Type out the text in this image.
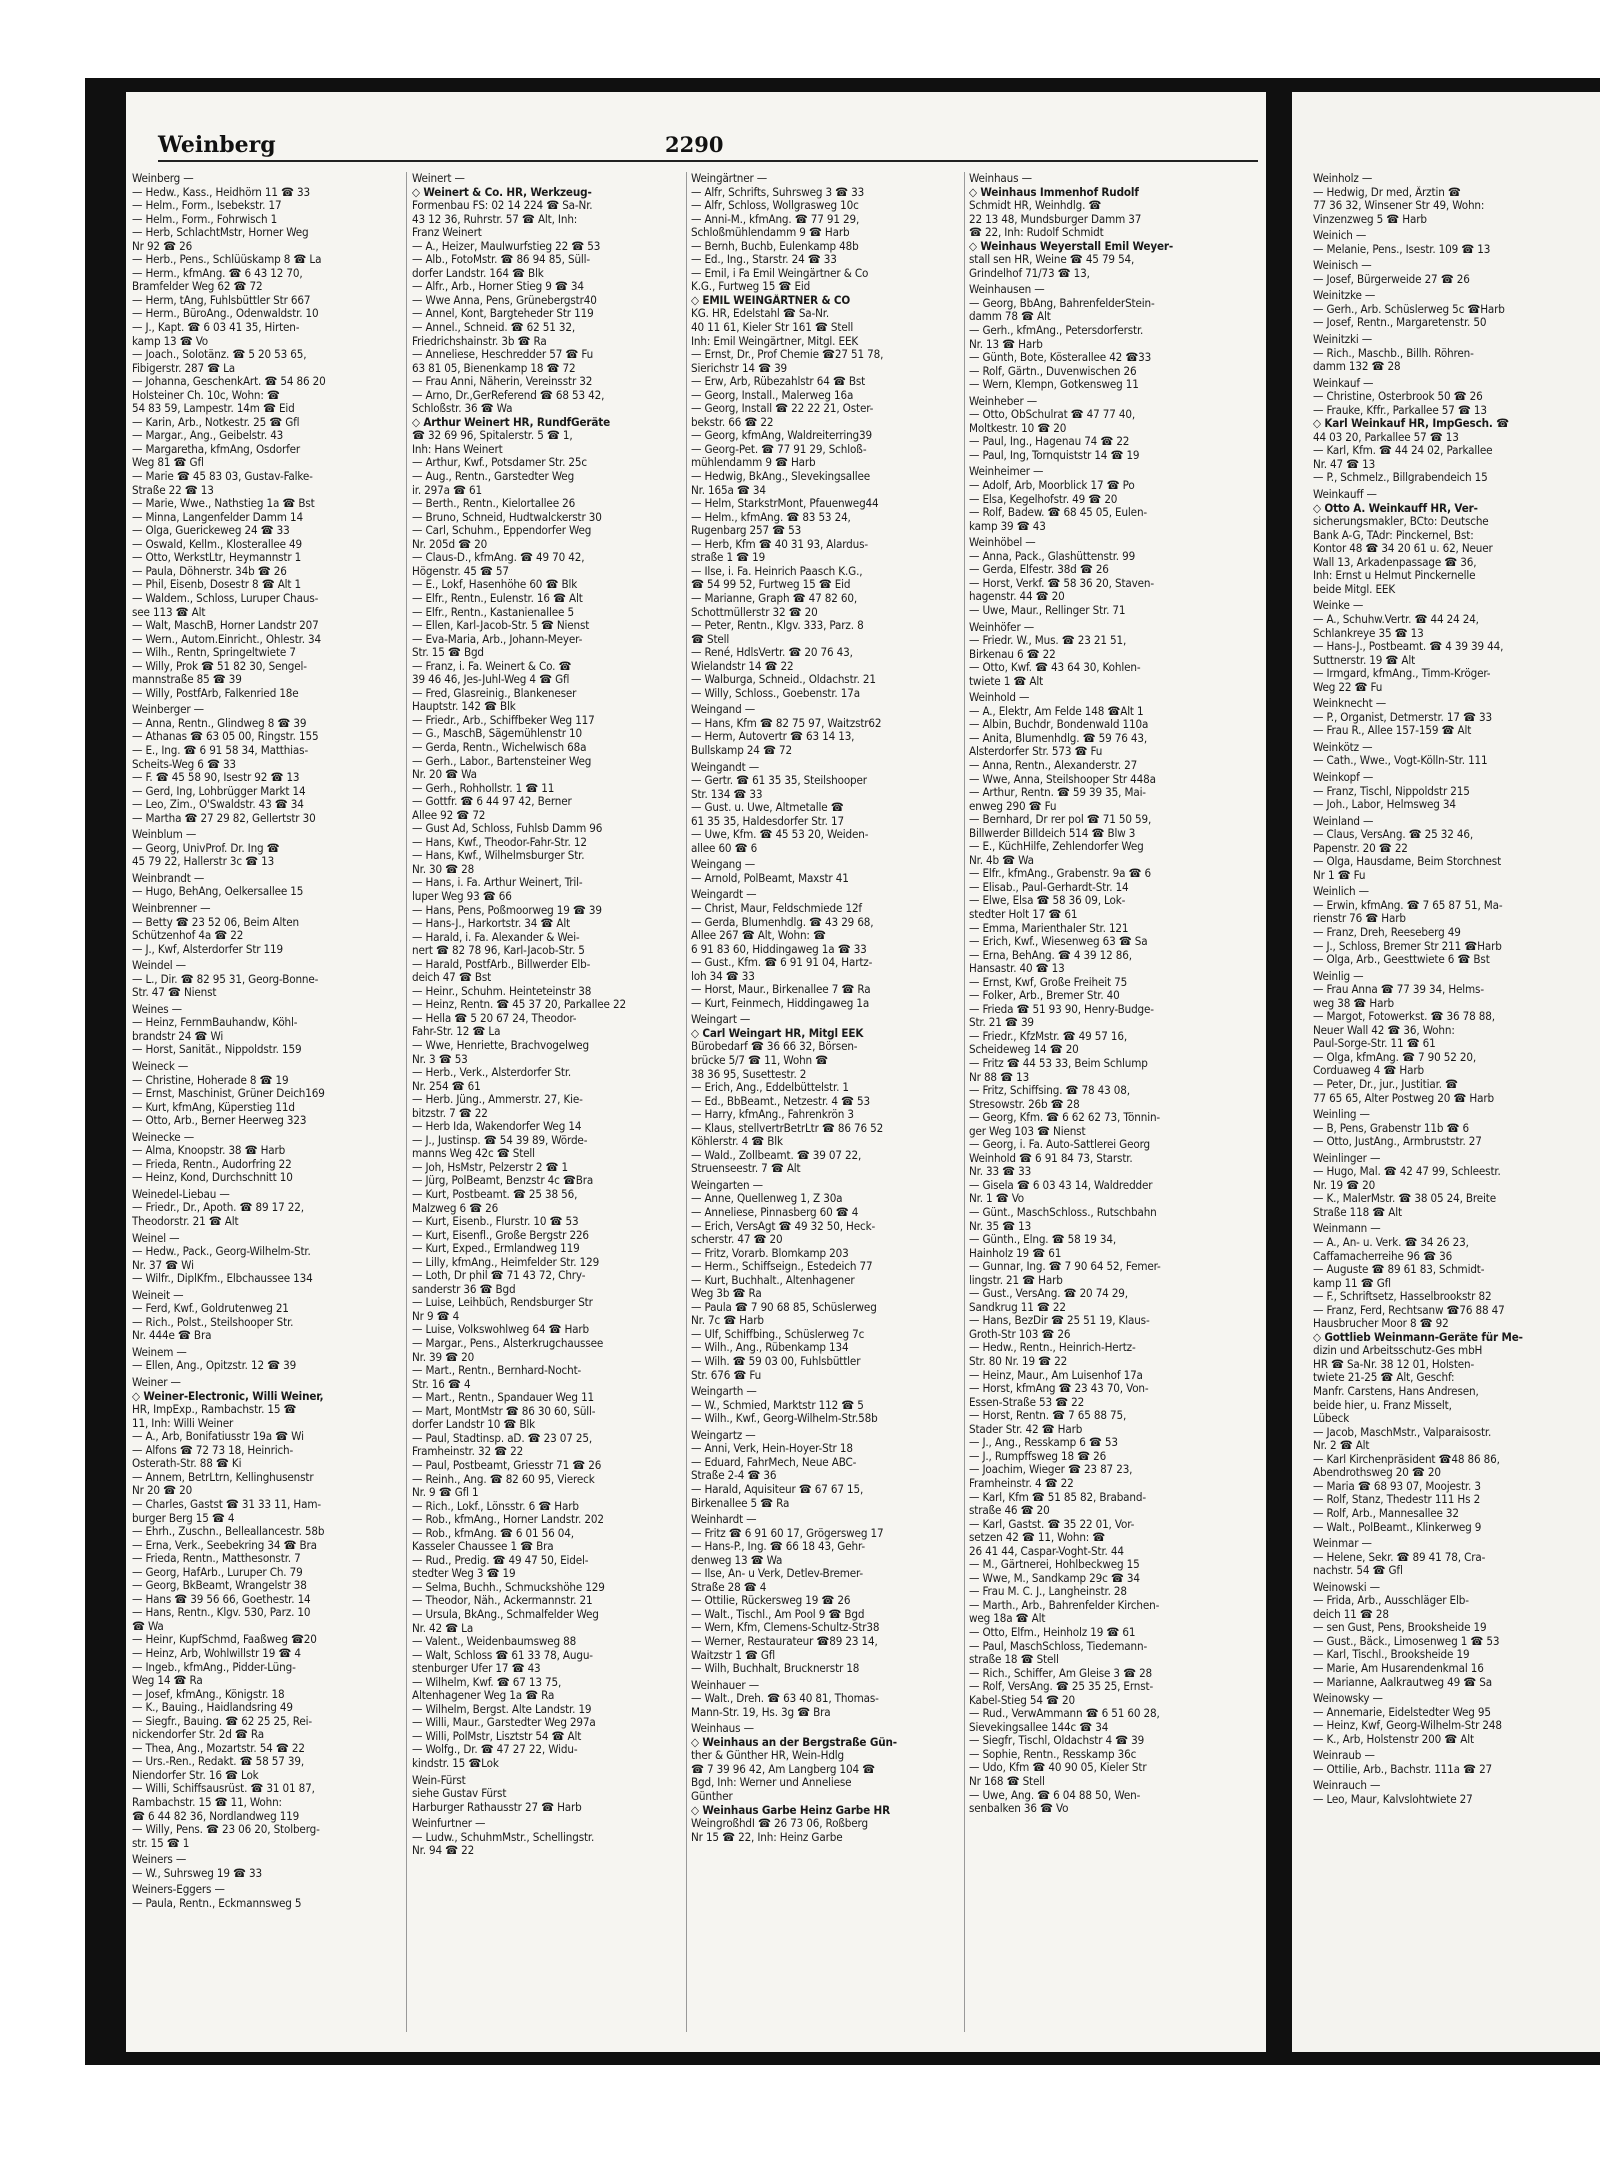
Weinberg	2290
Weinberg —
— Hedw., Kass., Heidhörn 11 ☎ 33
— Helm., Form., Isebekstr. 17
— Helm., Form., Fohrwisch 1
— Herb, SchlachtMstr, Horner Weg
Nr 92 ☎ 26
— Herb., Pens., Schlüüskamp 8 ☎ La
— Herm., kfmAng. ☎ 6 43 12 70,
Bramfelder Weg 62 ☎ 72
— Herm, tAng, Fuhlsbüttler Str 667
— Herm., BüroAng., Odenwaldstr. 10
— J., Kapt. ☎ 6 03 41 35, Hirten-
kamp 13 ☎ Vo
— Joach., Solotänz. ☎ 5 20 53 65,
Fibigerstr. 287 ☎ La
— Johanna, GeschenkArt. ☎ 54 86 20
Holsteiner Ch. 10c, Wohn: ☎
54 83 59, Lampestr. 14m ☎ Eid
— Karin, Arb., Notkestr. 25 ☎ Gfl
— Margar., Ang., Geibelstr. 43
— Margaretha, kfmAng, Osdorfer
Weg 81 ☎ Gfl
— Marie ☎ 45 83 03, Gustav-Falke-
Straße 22 ☎ 13
— Marie, Wwe., Nathstieg 1a ☎ Bst
— Minna, Langenfelder Damm 14
— Olga, Guerickeweg 24 ☎ 33
— Oswald, Kellm., Klosterallee 49
— Otto, WerkstLtr, Heymannstr 1
— Paula, Döhnerstr. 34b ☎ 26
— Phil, Eisenb, Dosestr 8 ☎ Alt 1
— Waldem., Schloss, Luruper Chaus-
see 113 ☎ Alt
— Walt, MaschB, Horner Landstr 207
— Wern., Autom.Einricht., Ohlestr. 34
— Wilh., Rentn, Springeltwiete 7
— Willy, Prok ☎ 51 82 30, Sengel-
mannstraße 85 ☎ 39
— Willy, PostfArb, Falkenried 18e
Weinberger —
— Anna, Rentn., Glindweg 8 ☎ 39
— Athanas ☎ 63 05 00, Ringstr. 155
— E., Ing. ☎ 6 91 58 34, Matthias-
Scheits-Weg 6 ☎ 33
— F. ☎ 45 58 90, Isestr 92 ☎ 13
— Gerd, Ing, Lohbrügger Markt 14
— Leo, Zim., O'Swaldstr. 43 ☎ 34
— Martha ☎ 27 29 82, Gellertstr 30
Weinblum —
— Georg, UnivProf. Dr. Ing ☎
45 79 22, Hallerstr 3c ☎ 13
Weinbrandt —
— Hugo, BehAng, Oelkersallee 15
Weinbrenner —
— Betty ☎ 23 52 06, Beim Alten
Schützenhof 4a ☎ 22
— J., Kwf, Alsterdorfer Str 119
Weindel —
— L., Dir. ☎ 82 95 31, Georg-Bonne-
Str. 47 ☎ Nienst
Weines —
— Heinz, FernmBauhandw, Köhl-
brandstr 24 ☎ Wi
— Horst, Sanität., Nippoldstr. 159
Weineck —
— Christine, Hoherade 8 ☎ 19
— Ernst, Maschinist, Grüner Deich169
— Kurt, kfmAng, Küperstieg 11d
— Otto, Arb., Berner Heerweg 323
Weinecke —
— Alma, Knoopstr. 38 ☎ Harb
— Frieda, Rentn., Audorfring 22
— Heinz, Kond, Durchschnitt 10
Weinedel-Liebau —
— Friedr., Dr., Apoth. ☎ 89 17 22,
Theodorstr. 21 ☎ Alt
Weinel —
— Hedw., Pack., Georg-Wilhelm-Str.
Nr. 37 ☎ Wi
— Wilfr., DiplKfm., Elbchaussee 134
Weineit —
— Ferd, Kwf., Goldrutenweg 21
— Rich., Polst., Steilshooper Str.
Nr. 444e ☎ Bra
Weinem —
— Ellen, Ang., Opitzstr. 12 ☎ 39
Weiner —
◇ Weiner-Electronic, Willi Weiner,
HR, ImpExp., Rambachstr. 15 ☎
11, Inh: Willi Weiner
— A., Arb, Bonifatiusstr 19a ☎ Wi
— Alfons ☎ 72 73 18, Heinrich-
Osterath-Str. 88 ☎ Ki
— Annem, BetrLtrn, Kellinghusenstr
Nr 20 ☎ 20
— Charles, Gastst ☎ 31 33 11, Ham-
burger Berg 15 ☎ 4
— Ehrh., Zuschn., Belleallancestr. 58b
— Erna, Verk., Seebekring 34 ☎ Bra
— Frieda, Rentn., Matthesonstr. 7
— Georg, HafArb., Luruper Ch. 79
— Georg, BkBeamt, Wrangelstr 38
— Hans ☎ 39 56 66, Goethestr. 14
— Hans, Rentn., Klgv. 530, Parz. 10
☎ Wa
— Heinr, KupfSchmd, Faaßweg ☎20
— Heinz, Arb, Wohlwillstr 19 ☎ 4
— Ingeb., kfmAng., Pidder-Lüng-
Weg 14 ☎ Ra
— Josef, kfmAng., Königstr. 18
— K., Bauing., Haidlandsring 49
— Siegfr., Bauing. ☎ 62 25 25, Rei-
nickendorfer Str. 2d ☎ Ra
— Thea, Ang., Mozartstr. 54 ☎ 22
— Urs.-Ren., Redakt. ☎ 58 57 39,
Niendorfer Str. 16 ☎ Lok
— Willi, Schiffsausrüst. ☎ 31 01 87,
Rambachstr. 15 ☎ 11, Wohn:
☎ 6 44 82 36, Nordlandweg 119
— Willy, Pens. ☎ 23 06 20, Stolberg-
str. 15 ☎ 1
Weiners —
— W., Suhrsweg 19 ☎ 33
Weiners-Eggers —
— Paula, Rentn., Eckmannsweg 5
Weinert —
◇ Weinert & Co. HR, Werkzeug-
Formenbau FS: 02 14 224 ☎ Sa-Nr.
43 12 36, Ruhrstr. 57 ☎ Alt, Inh:
Franz Weinert
— A., Heizer, Maulwurfstieg 22 ☎ 53
— Alb., FotoMstr. ☎ 86 94 85, Süll-
dorfer Landstr. 164 ☎ Blk
— Alfr., Arb., Horner Stieg 9 ☎ 34
— Wwe Anna, Pens, Grünebergstr40
— Annel, Kont, Bargteheder Str 119
— Annel., Schneid. ☎ 62 51 32,
Friedrichshainstr. 3b ☎ Ra
— Anneliese, Heschredder 57 ☎ Fu
63 81 05, Bienenkamp 18 ☎ 72
— Frau Anni, Näherin, Vereinsstr 32
— Arno, Dr.,GerReferend ☎ 68 53 42,
Schloßstr. 36 ☎ Wa
◇ Arthur Weinert HR, RundfGeräte
☎ 32 69 96, Spitalerstr. 5 ☎ 1,
Inh: Hans Weinert
— Arthur, Kwf., Potsdamer Str. 25c
— Aug., Rentn., Garstedter Weg
ir. 297a ☎ 61
— Berth., Rentn., Kielortallee 26
— Bruno, Schneid, Hudtwalckerstr 30
— Carl, Schuhm., Eppendorfer Weg
Nr. 205d ☎ 20
— Claus-D., kfmAng. ☎ 49 70 42,
Högenstr. 45 ☎ 57
— E., Lokf, Hasenhöhe 60 ☎ Blk
— Elfr., Rentn., Eulenstr. 16 ☎ Alt
— Elfr., Rentn., Kastanienallee 5
— Ellen, Karl-Jacob-Str. 5 ☎ Nienst
— Eva-Maria, Arb., Johann-Meyer-
Str. 15 ☎ Bgd
— Franz, i. Fa. Weinert & Co. ☎
39 46 46, Jes-Juhl-Weg 4 ☎ Gfl
— Fred, Glasreinig., Blankeneser
Hauptstr. 142 ☎ Blk
— Friedr., Arb., Schiffbeker Weg 117
— G., MaschB, Sägemühlenstr 10
— Gerda, Rentn., Wichelwisch 68a
— Gerh., Labor., Bartensteiner Weg
Nr. 20 ☎ Wa
— Gerh., Rohhollstr. 1 ☎ 11
— Gottfr. ☎ 6 44 97 42, Berner
Allee 92 ☎ 72
— Gust Ad, Schloss, Fuhlsb Damm 96
— Hans, Kwf., Theodor-Fahr-Str. 12
— Hans, Kwf., Wilhelmsburger Str.
Nr. 30 ☎ 28
— Hans, i. Fa. Arthur Weinert, Tril-
luper Weg 93 ☎ 66
— Hans, Pens, Poßmoorweg 19 ☎ 39
— Hans-J., Harkortstr. 34 ☎ Alt
— Harald, i. Fa. Alexander & Wei-
nert ☎ 82 78 96, Karl-Jacob-Str. 5
— Harald, PostfArb., Billwerder Elb-
deich 47 ☎ Bst
— Heinr., Schuhm. Heinteteinstr 38
— Heinz, Rentn. ☎ 45 37 20, Parkallee 22
— Hella ☎ 5 20 67 24, Theodor-
Fahr-Str. 12 ☎ La
— Wwe, Henriette, Brachvogelweg
Nr. 3 ☎ 53
— Herb., Verk., Alsterdorfer Str.
Nr. 254 ☎ 61
— Herb. Jüng., Ammerstr. 27, Kie-
bitzstr. 7 ☎ 22
— Herb Ida, Wakendorfer Weg 14
— J., Justinsp. ☎ 54 39 89, Wörde-
manns Weg 42c ☎ Stell
— Joh, HsMstr, Pelzerstr 2 ☎ 1
— Jürg, PolBeamt, Benzstr 4c ☎Bra
— Kurt, Postbeamt. ☎ 25 38 56,
Malzweg 6 ☎ 26
— Kurt, Eisenb., Flurstr. 10 ☎ 53
— Kurt, Eisenfl., Große Bergstr 226
— Kurt, Exped., Ermlandweg 119
— Lilly, kfmAng., Heimfelder Str. 129
— Loth, Dr phil ☎ 71 43 72, Chry-
sanderstr 36 ☎ Bgd
— Luise, Leihbüch, Rendsburger Str
Nr 9 ☎ 4
— Luise, Volkswohlweg 64 ☎ Harb
— Margar., Pens., Alsterkrugchaussee
Nr. 39 ☎ 20
— Mart., Rentn., Bernhard-Nocht-
Str. 16 ☎ 4
— Mart., Rentn., Spandauer Weg 11
— Mart, MontMstr ☎ 86 30 60, Süll-
dorfer Landstr 10 ☎ Blk
— Paul, Stadtinsp. aD. ☎ 23 07 25,
Framheinstr. 32 ☎ 22
— Paul, Postbeamt, Griesstr 71 ☎ 26
— Reinh., Ang. ☎ 82 60 95, Viereck
Nr. 9 ☎ Gfl 1
— Rich., Lokf., Lönsstr. 6 ☎ Harb
— Rob., kfmAng., Horner Landstr. 202
— Rob., kfmAng. ☎ 6 01 56 04,
Kasseler Chaussee 1 ☎ Bra
— Rud., Predig. ☎ 49 47 50, Eidel-
stedter Weg 3 ☎ 19
— Selma, Buchh., Schmuckshöhe 129
— Theodor, Näh., Ackermannstr. 21
— Ursula, BkAng., Schmalfelder Weg
Nr. 42 ☎ La
— Valent., Weidenbaumsweg 88
— Walt, Schloss ☎ 61 33 78, Augu-
stenburger Ufer 17 ☎ 43
— Wilhelm, Kwf. ☎ 67 13 75,
Altenhagener Weg 1a ☎ Ra
— Wilhelm, Bergst. Alte Landstr. 19
— Willi, Maur., Garstedter Weg 297a
— Willi, PolMstr, Lisztstr 54 ☎ Alt
— Wolfg., Dr. ☎ 47 27 22, Widu-
kindstr. 15 ☎Lok
Wein-Fürst
siehe Gustav Fürst
Harburger Rathausstr 27 ☎ Harb
Weinfurtner —
— Ludw., SchuhmMstr., Schellingstr.
Nr. 94 ☎ 22
Weingärtner —
— Alfr, Schrifts, Suhrsweg 3 ☎ 33
— Alfr, Schloss, Wollgrasweg 10c
— Anni-M., kfmAng. ☎ 77 91 29,
Schloßmühlendamm 9 ☎ Harb
— Bernh, Buchb, Eulenkamp 48b
— Ed., Ing., Starstr. 24 ☎ 33
— Emil, i Fa Emil Weingärtner & Co
K.G., Furtweg 15 ☎ Eid
◇ EMIL WEINGÄRTNER & CO
KG. HR, Edelstahl ☎ Sa-Nr.
40 11 61, Kieler Str 161 ☎ Stell
Inh: Emil Weingärtner, Mitgl. EEK
— Ernst, Dr., Prof Chemie ☎27 51 78,
Sierichstr 14 ☎ 39
— Erw, Arb, Rübezahlstr 64 ☎ Bst
— Georg, Install., Malerweg 16a
— Georg, Install ☎ 22 22 21, Oster-
bekstr. 66 ☎ 22
— Georg, kfmAng, Waldreiterring39
— Georg-Pet. ☎ 77 91 29, Schloß-
mühlendamm 9 ☎ Harb
— Hedwig, BkAng., Slevekingsallee
Nr. 165a ☎ 34
— Helm, StarkstrMont, Pfauenweg44
— Helm., kfmAng. ☎ 83 53 24,
Rugenbarg 257 ☎ 53
— Herb, Kfm ☎ 40 31 93, Alardus-
straße 1 ☎ 19
— Ilse, i. Fa. Heinrich Paasch K.G.,
☎ 54 99 52, Furtweg 15 ☎ Eid
— Marianne, Graph ☎ 47 82 60,
Schottmüllerstr 32 ☎ 20
— Peter, Rentn., Klgv. 333, Parz. 8
☎ Stell
— René, HdlsVertr. ☎ 20 76 43,
Wielandstr 14 ☎ 22
— Walburga, Schneid., Oldachstr. 21
— Willy, Schloss., Goebenstr. 17a
Weingand —
— Hans, Kfm ☎ 82 75 97, Waitzstr62
— Herm, Autovertr ☎ 63 14 13,
Bullskamp 24 ☎ 72
Weingandt —
— Gertr. ☎ 61 35 35, Steilshooper
Str. 134 ☎ 33
— Gust. u. Uwe, Altmetalle ☎
61 35 35, Haldesdorfer Str. 17
— Uwe, Kfm. ☎ 45 53 20, Weiden-
allee 60 ☎ 6
Weingang —
— Arnold, PolBeamt, Maxstr 41
Weingardt —
— Christ, Maur, Feldschmiede 12f
— Gerda, Blumenhdlg. ☎ 43 29 68,
Allee 267 ☎ Alt, Wohn: ☎
6 91 83 60, Hiddingaweg 1a ☎ 33
— Gust., Kfm. ☎ 6 91 91 04, Hartz-
loh 34 ☎ 33
— Horst, Maur., Birkenallee 7 ☎ Ra
— Kurt, Feinmech, Hiddingaweg 1a
Weingart —
◇ Carl Weingart HR, Mitgl EEK
Bürobedarf ☎ 36 66 32, Börsen-
brücke 5/7 ☎ 11, Wohn ☎
38 36 95, Susettestr. 2
— Erich, Ang., Eddelbüttelstr. 1
— Ed., BbBeamt., Netzestr. 4 ☎ 53
— Harry, kfmAng., Fahrenkrön 3
— Klaus, stellvertrBetrLtr ☎ 86 76 52
Köhlerstr. 4 ☎ Blk
— Wald., Zollbeamt. ☎ 39 07 22,
Struenseestr. 7 ☎ Alt
Weingarten —
— Anne, Quellenweg 1, Z 30a
— Anneliese, Pinnasberg 60 ☎ 4
— Erich, VersAgt ☎ 49 32 50, Heck-
scherstr. 47 ☎ 20
— Fritz, Vorarb. Blomkamp 203
— Herm., Schiffseign., Estedeich 77
— Kurt, Buchhalt., Altenhagener
Weg 3b ☎ Ra
— Paula ☎ 7 90 68 85, Schüslerweg
Nr. 7c ☎ Harb
— Ulf, Schiffbing., Schüslerweg 7c
— Wilh., Ang., Rübenkamp 134
— Wilh. ☎ 59 03 00, Fuhlsbüttler
Str. 676 ☎ Fu
Weingarth —
— W., Schmied, Marktstr 112 ☎ 5
— Wilh., Kwf., Georg-Wilhelm-Str.58b
Weingartz —
— Anni, Verk, Hein-Hoyer-Str 18
— Eduard, FahrMech, Neue ABC-
Straße 2-4 ☎ 36
— Harald, Aquisiteur ☎ 67 67 15,
Birkenallee 5 ☎ Ra
Weinhardt —
— Fritz ☎ 6 91 60 17, Grögersweg 17
— Hans-P., Ing. ☎ 66 18 43, Gehr-
denweg 13 ☎ Wa
— Ilse, An- u Verk, Detlev-Bremer-
Straße 28 ☎ 4
— Ottilie, Rückersweg 19 ☎ 26
— Walt., Tischl., Am Pool 9 ☎ Bgd
— Wern, Kfm, Clemens-Schultz-Str38
— Werner, Restaurateur ☎89 23 14,
Waitzstr 1 ☎ Gfl
— Wilh, Buchhalt, Brucknerstr 18
Weinhauer —
— Walt., Dreh. ☎ 63 40 81, Thomas-
Mann-Str. 19, Hs. 3g ☎ Bra
Weinhaus —
◇ Weinhaus an der Bergstraße Gün-
ther & Günther HR, Wein-Hdlg
☎ 7 39 96 42, Am Langberg 104 ☎
Bgd, Inh: Werner und Anneliese
Günther
◇ Weinhaus Garbe Heinz Garbe HR
WeingroßhdI ☎ 26 73 06, Roßberg
Nr 15 ☎ 22, Inh: Heinz Garbe
Weinhaus —
◇ Weinhaus Immenhof Rudolf
Schmidt HR, Weinhdlg. ☎
22 13 48, Mundsburger Damm 37
☎ 22, Inh: Rudolf Schmidt
◇ Weinhaus Weyerstall Emil Weyer-
stall sen HR, Weine ☎ 45 79 54,
Grindelhof 71/73 ☎ 13,
Weinhausen —
— Georg, BbAng, BahrenfelderStein-
damm 78 ☎ Alt
— Gerh., kfmAng., Petersdorferstr.
Nr. 13 ☎ Harb
— Günth, Bote, Kösterallee 42 ☎33
— Rolf, Gärtn., Duvenwischen 26
— Wern, Klempn, Gotkensweg 11
Weinheber —
— Otto, ObSchulrat ☎ 47 77 40,
Moltkestr. 10 ☎ 20
— Paul, Ing., Hagenau 74 ☎ 22
— Paul, Ing, Tornquiststr 14 ☎ 19
Weinheimer —
— Adolf, Arb, Moorblick 17 ☎ Po
— Elsa, Kegelhofstr. 49 ☎ 20
— Rolf, Badew. ☎ 68 45 05, Eulen-
kamp 39 ☎ 43
Weinhöbel —
— Anna, Pack., Glashüttenstr. 99
— Gerda, Elfestr. 38d ☎ 26
— Horst, Verkf. ☎ 58 36 20, Staven-
hagenstr. 44 ☎ 20
— Uwe, Maur., Rellinger Str. 71
Weinhöfer —
— Friedr. W., Mus. ☎ 23 21 51,
Birkenau 6 ☎ 22
— Otto, Kwf. ☎ 43 64 30, Kohlen-
twiete 1 ☎ Alt
Weinhold —
— A., Elektr, Am Felde 148 ☎Alt 1
— Albin, Buchdr, Bondenwald 110a
— Anita, Blumenhdlg. ☎ 59 76 43,
Alsterdorfer Str. 573 ☎ Fu
— Anna, Rentn., Alexanderstr. 27
— Wwe, Anna, Steilshooper Str 448a
— Arthur, Rentn. ☎ 59 39 35, Mai-
enweg 290 ☎ Fu
— Bernhard, Dr rer pol ☎ 71 50 59,
Billwerder Billdeich 514 ☎ Blw 3
— E., KüchHilfe, Zehlendorfer Weg
Nr. 4b ☎ Wa
— Elfr., kfmAng., Grabenstr. 9a ☎ 6
— Elisab., Paul-Gerhardt-Str. 14
— Elwe, Elsa ☎ 58 36 09, Lok-
stedter Holt 17 ☎ 61
— Emma, Marienthaler Str. 121
— Erich, Kwf., Wiesenweg 63 ☎ Sa
— Erna, BehAng. ☎ 4 39 12 86,
Hansastr. 40 ☎ 13
— Ernst, Kwf, Große Freiheit 75
— Folker, Arb., Bremer Str. 40
— Frieda ☎ 51 93 90, Henry-Budge-
Str. 21 ☎ 39
— Friedr., KfzMstr. ☎ 49 57 16,
Scheideweg 14 ☎ 20
— Fritz ☎ 44 53 33, Beim Schlump
Nr 88 ☎ 13
— Fritz, Schiffsing. ☎ 78 43 08,
Stresowstr. 26b ☎ 28
— Georg, Kfm. ☎ 6 62 62 73, Tönnin-
ger Weg 103 ☎ Nienst
— Georg, i. Fa. Auto-Sattlerei Georg
Weinhold ☎ 6 91 84 73, Starstr.
Nr. 33 ☎ 33
— Gisela ☎ 6 03 43 14, Waldredder
Nr. 1 ☎ Vo
— Günt., MaschSchloss., Rutschbahn
Nr. 35 ☎ 13
— Günth., Elng. ☎ 58 19 34,
Hainholz 19 ☎ 61
— Gunnar, Ing. ☎ 7 90 64 52, Femer-
lingstr. 21 ☎ Harb
— Gust., VersAng. ☎ 20 74 29,
Sandkrug 11 ☎ 22
— Hans, BezDir ☎ 25 51 19, Klaus-
Groth-Str 103 ☎ 26
— Hedw., Rentn., Heinrich-Hertz-
Str. 80 Nr. 19 ☎ 22
— Heinz, Maur., Am Luisenhof 17a
— Horst, kfmAng ☎ 23 43 70, Von-
Essen-Straße 53 ☎ 22
— Horst, Rentn. ☎ 7 65 88 75,
Stader Str. 42 ☎ Harb
— J., Ang., Resskamp 6 ☎ 53
— J., Rumpffsweg 18 ☎ 26
— Joachim, Wieger ☎ 23 87 23,
Framheinstr. 4 ☎ 22
— Karl, Kfm ☎ 51 85 82, Braband-
straße 46 ☎ 20
— Karl, Gastst. ☎ 35 22 01, Vor-
setzen 42 ☎ 11, Wohn: ☎
26 41 44, Caspar-Voght-Str. 44
— M., Gärtnerei, Hohlbeckweg 15
— Wwe, M., Sandkamp 29c ☎ 34
— Frau M. C. J., Langheinstr. 28
— Marth., Arb., Bahrenfelder Kirchen-
weg 18a ☎ Alt
— Otto, Elfm., Heinholz 19 ☎ 61
— Paul, MaschSchloss, Tiedemann-
straße 18 ☎ Stell
— Rich., Schiffer, Am Gleise 3 ☎ 28
— Rolf, VersAng. ☎ 25 35 25, Ernst-
Kabel-Stieg 54 ☎ 20
— Rud., VerwAmmann ☎ 6 51 60 28,
Sievekingsallee 144c ☎ 34
— Siegfr, Tischl, Oldachstr 4 ☎ 39
— Sophie, Rentn., Resskamp 36c
— Udo, Kfm ☎ 40 90 05, Kieler Str
Nr 168 ☎ Stell
— Uwe, Ang. ☎ 6 04 88 50, Wen-
senbalken 36 ☎ Vo
Weinholz —
— Hedwig, Dr med, Ärztin ☎
77 36 32, Winsener Str 49, Wohn:
Vinzenzweg 5 ☎ Harb
Weinich —
— Melanie, Pens., Isestr. 109 ☎ 13
Weinisch —
— Josef, Bürgerweide 27 ☎ 26
Weinitzke —
— Gerh., Arb. Schüslerweg 5c ☎Harb
— Josef, Rentn., Margaretenstr. 50
Weinitzki —
— Rich., Maschb., Billh. Röhren-
damm 132 ☎ 28
Weinkauf —
— Christine, Osterbrook 50 ☎ 26
— Frauke, Kffr., Parkallee 57 ☎ 13
◇ Karl Weinkauf HR, ImpGesch. ☎
44 03 20, Parkallee 57 ☎ 13
— Karl, Kfm. ☎ 44 24 02, Parkallee
Nr. 47 ☎ 13
— P., Schmelz., Billgrabendeich 15
Weinkauff —
◇ Otto A. Weinkauff HR, Ver-
sicherungsmakler, BCto: Deutsche
Bank A-G, TAdr: Pinckernel, Bst:
Kontor 48 ☎ 34 20 61 u. 62, Neuer
Wall 13, Arkadenpassage ☎ 36,
Inh: Ernst u Helmut Pinckernelle
beide Mitgl. EEK
Weinke —
— A., Schuhw.Vertr. ☎ 44 24 24,
Schlankreye 35 ☎ 13
— Hans-J., Postbeamt. ☎ 4 39 39 44,
Suttnerstr. 19 ☎ Alt
— Irmgard, kfmAng., Timm-Kröger-
Weg 22 ☎ Fu
Weinknecht —
— P., Organist, Detmerstr. 17 ☎ 33
— Frau R., Allee 157-159 ☎ Alt
Weinkötz —
— Cath., Wwe., Vogt-Kölln-Str. 111
Weinkopf —
— Franz, Tischl, Nippoldstr 215
— Joh., Labor, Helmsweg 34
Weinland —
— Claus, VersAng. ☎ 25 32 46,
Papenstr. 20 ☎ 22
— Olga, Hausdame, Beim Storchnest
Nr 1 ☎ Fu
Weinlich —
— Erwin, kfmAng. ☎ 7 65 87 51, Ma-
rienstr 76 ☎ Harb
— Franz, Dreh, Reeseberg 49
— J., Schloss, Bremer Str 211 ☎Harb
— Olga, Arb., Geesttwiete 6 ☎ Bst
Weinlig —
— Frau Anna ☎ 77 39 34, Helms-
weg 38 ☎ Harb
— Margot, Fotowerkst. ☎ 36 78 88,
Neuer Wall 42 ☎ 36, Wohn:
Paul-Sorge-Str. 11 ☎ 61
— Olga, kfmAng. ☎ 7 90 52 20,
Corduaweg 4 ☎ Harb
— Peter, Dr., jur., Justitiar. ☎
77 65 65, Alter Postweg 20 ☎ Harb
Weinling —
— B, Pens, Grabenstr 11b ☎ 6
— Otto, JustAng., Armbruststr. 27
Weinlinger —
— Hugo, Mal. ☎ 42 47 99, Schleestr.
Nr. 19 ☎ 20
— K., MalerMstr. ☎ 38 05 24, Breite
Straße 118 ☎ Alt
Weinmann —
— A., An- u. Verk. ☎ 34 26 23,
Caffamacherreihe 96 ☎ 36
— Auguste ☎ 89 61 83, Schmidt-
kamp 11 ☎ Gfl
— F., Schriftsetz, Hasselbrookstr 82
— Franz, Ferd, Rechtsanw ☎76 88 47
Hausbrucher Moor 8 ☎ 92
◇ Gottlieb Weinmann-Geräte für Me-
dizin und Arbeitsschutz-Ges mbH
HR ☎ Sa-Nr. 38 12 01, Holsten-
twiete 21-25 ☎ Alt, Geschf:
Manfr. Carstens, Hans Andresen,
beide hier, u. Franz Misselt,
Lübeck
— Jacob, MaschMstr., Valparaisostr.
Nr. 2 ☎ Alt
— Karl Kirchenpräsident ☎48 86 86,
Abendrothsweg 20 ☎ 20
— Maria ☎ 68 93 07, Moojestr. 3
— Rolf, Stanz, Thedestr 111 Hs 2
— Rolf, Arb., Mannesallee 32
— Walt., PolBeamt., Klinkerweg 9
Weinmar —
— Helene, Sekr. ☎ 89 41 78, Cra-
nachstr. 54 ☎ Gfl
Weinowski —
— Frida, Arb., Ausschläger Elb-
deich 11 ☎ 28
— sen Gust, Pens, Brooksheide 19
— Gust., Bäck., Limosenweg 1 ☎ 53
— Karl, Tischl., Brooksheide 19
— Marie, Am Husarendenkmal 16
— Marianne, Aalkrautweg 49 ☎ Sa
Weinowsky —
— Annemarie, Eidelstedter Weg 95
— Heinz, Kwf, Georg-Wilhelm-Str 248
— K., Arb, Holstenstr 200 ☎ Alt
Weinraub —
— Ottilie, Arb., Bachstr. 111a ☎ 27
Weinrauch —
— Leo, Maur, Kalvslohtwiete 27
